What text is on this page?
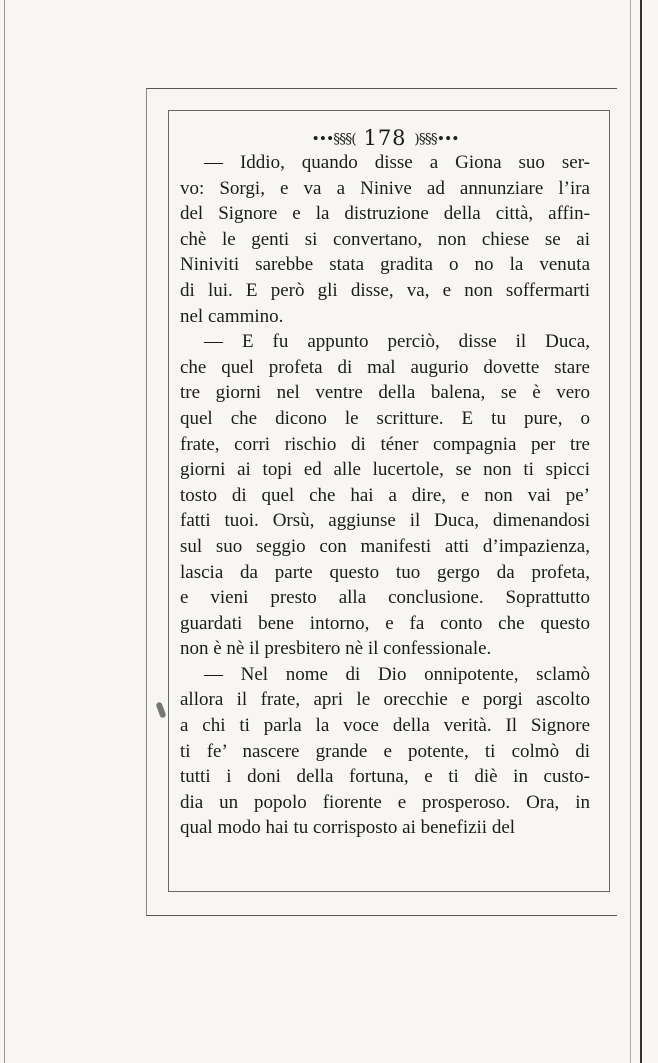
•••§§§( 178 )§§§•••
— Iddio, quando disse a Giona suo ser-
vo: Sorgi, e va a Ninive ad annunziare l’ira
del Signore e la distruzione della città, affin-
chè le genti si convertano, non chiese se ai
Niniviti sarebbe stata gradita o no la venuta
di lui. E però gli disse, va, e non soffermarti
nel cammino.
— E fu appunto perciò, disse il Duca,
che quel profeta di mal augurio dovette stare
tre giorni nel ventre della balena, se è vero
quel che dicono le scritture. E tu pure, o
frate, corri rischio di téner compagnia per tre
giorni ai topi ed alle lucertole, se non ti spicci
tosto di quel che hai a dire, e non vai pe’
fatti tuoi. Orsù, aggiunse il Duca, dimenandosi
sul suo seggio con manifesti atti d’impazienza,
lascia da parte questo tuo gergo da profeta,
e vieni presto alla conclusione. Soprattutto
guardati bene intorno, e fa conto che questo
non è nè il presbitero nè il confessionale.
— Nel nome di Dio onnipotente, sclamò
allora il frate, apri le orecchie e porgi ascolto
a chi ti parla la voce della verità. Il Signore
ti fe’ nascere grande e potente, ti colmò di
tutti i doni della fortuna, e ti diè in custo-
dia un popolo fiorente e prosperoso. Ora, in
qual modo hai tu corrisposto ai benefizii del
